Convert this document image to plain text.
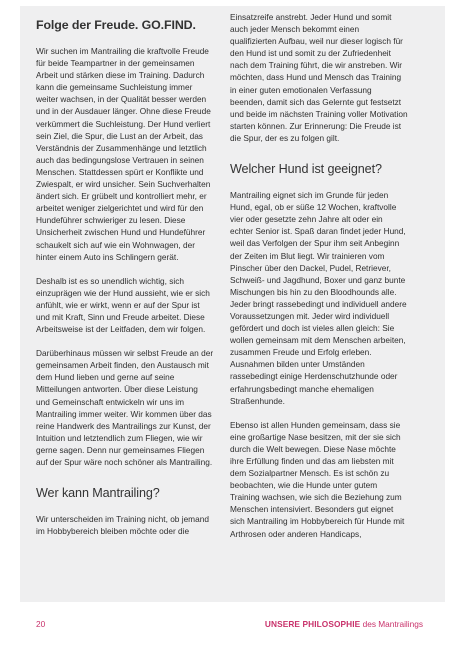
Folge der Freude. GO.FIND.

Wir suchen im Mantrailing die kraftvolle Freude für beide Teampartner in der gemeinsamen Arbeit und stärken diese im Training. Dadurch kann die gemeinsame Suchleistung immer weiter wachsen, in der Qualität besser werden und in der Ausdauer länger. Ohne diese Freude verkümmert die Suchleistung. Der Hund verliert sein Ziel, die Spur, die Lust an der Arbeit, das Verständnis der Zusammenhänge und letztlich auch das bedingungslose Vertrauen in seinen Menschen. Stattdessen spürt er Konflikte und Zwiespalt, er wird unsicher. Sein Suchverhalten ändert sich. Er grübelt und kontrolliert mehr, er arbeitet weniger zielgerichtet und wird für den Hundeführer schwieriger zu lesen. Diese Unsicherheit zwischen Hund und Hundeführer schaukelt sich auf wie ein Wohnwagen, der hinter einem Auto ins Schlingern gerät.

Deshalb ist es so unendlich wichtig, sich einzuprägen wie der Hund aussieht, wie er sich anfühlt, wie er wirkt, wenn er auf der Spur ist und mit Kraft, Sinn und Freude arbeitet. Diese Arbeitsweise ist der Leitfaden, dem wir folgen.

Darüberhinaus müssen wir selbst Freude an der gemeinsamen Arbeit finden, den Austausch mit dem Hund lieben und gerne auf seine Mitteilungen antworten. Über diese Leistung und Gemeinschaft entwickeln wir uns im Mantrailing immer weiter. Wir kommen über das reine Handwerk des Mantrailings zur Kunst, der Intuition und letztendlich zum Fliegen, wie wir gerne sagen. Denn nur gemeinsames Fliegen auf der Spur wäre noch schöner als Mantrailing.

Wer kann Mantrailing?

Wir unterscheiden im Training nicht, ob jemand im Hobbybereich bleiben möchte oder die

Einsatzreife anstrebt. Jeder Hund und somit auch jeder Mensch bekommt einen qualifizierten Aufbau, weil nur dieser logisch für den Hund ist und somit zu der Zufriedenheit nach dem Training führt, die wir anstreben. Wir möchten, dass Hund und Mensch das Training in einer guten emotionalen Verfassung beenden, damit sich das Gelernte gut festsetzt und beide im nächsten Training voller Motivation starten können. Zur Erinnerung: Die Freude ist die Spur, der es zu folgen gilt.

Welcher Hund ist geeignet?

Mantrailing eignet sich im Grunde für jeden Hund, egal, ob er süße 12 Wochen, kraftvolle vier oder gesetzte zehn Jahre alt oder ein echter Senior ist. Spaß daran findet jeder Hund, weil das Verfolgen der Spur ihm seit Anbeginn der Zeiten im Blut liegt. Wir trainieren vom Pinscher über den Dackel, Pudel, Retriever, Schweiß- und Jagdhund, Boxer und ganz bunte Mischungen bis hin zu den Bloodhounds alle. Jeder bringt rassebedingt und individuell andere Voraussetzungen mit. Jeder wird individuell gefördert und doch ist vieles allen gleich: Sie wollen gemeinsam mit dem Menschen arbeiten, zusammen Freude und Erfolg erleben. Ausnahmen bilden unter Umständen rassebedingt einige Herdenschutzhunde oder erfahrungsbedingt manche ehemaligen Straßenhunde.

Ebenso ist allen Hunden gemeinsam, dass sie eine großartige Nase besitzen, mit der sie sich durch die Welt bewegen. Diese Nase möchte ihre Erfüllung finden und das am liebsten mit dem Sozialpartner Mensch. Es ist schön zu beobachten, wie die Hunde unter gutem Training wachsen, wie sich die Beziehung zum Menschen intensiviert. Besonders gut eignet sich Mantrailing im Hobbybereich für Hunde mit Arthrosen oder anderen Handicaps,

20	UNSERE PHILOSOPHIE des Mantrailings
